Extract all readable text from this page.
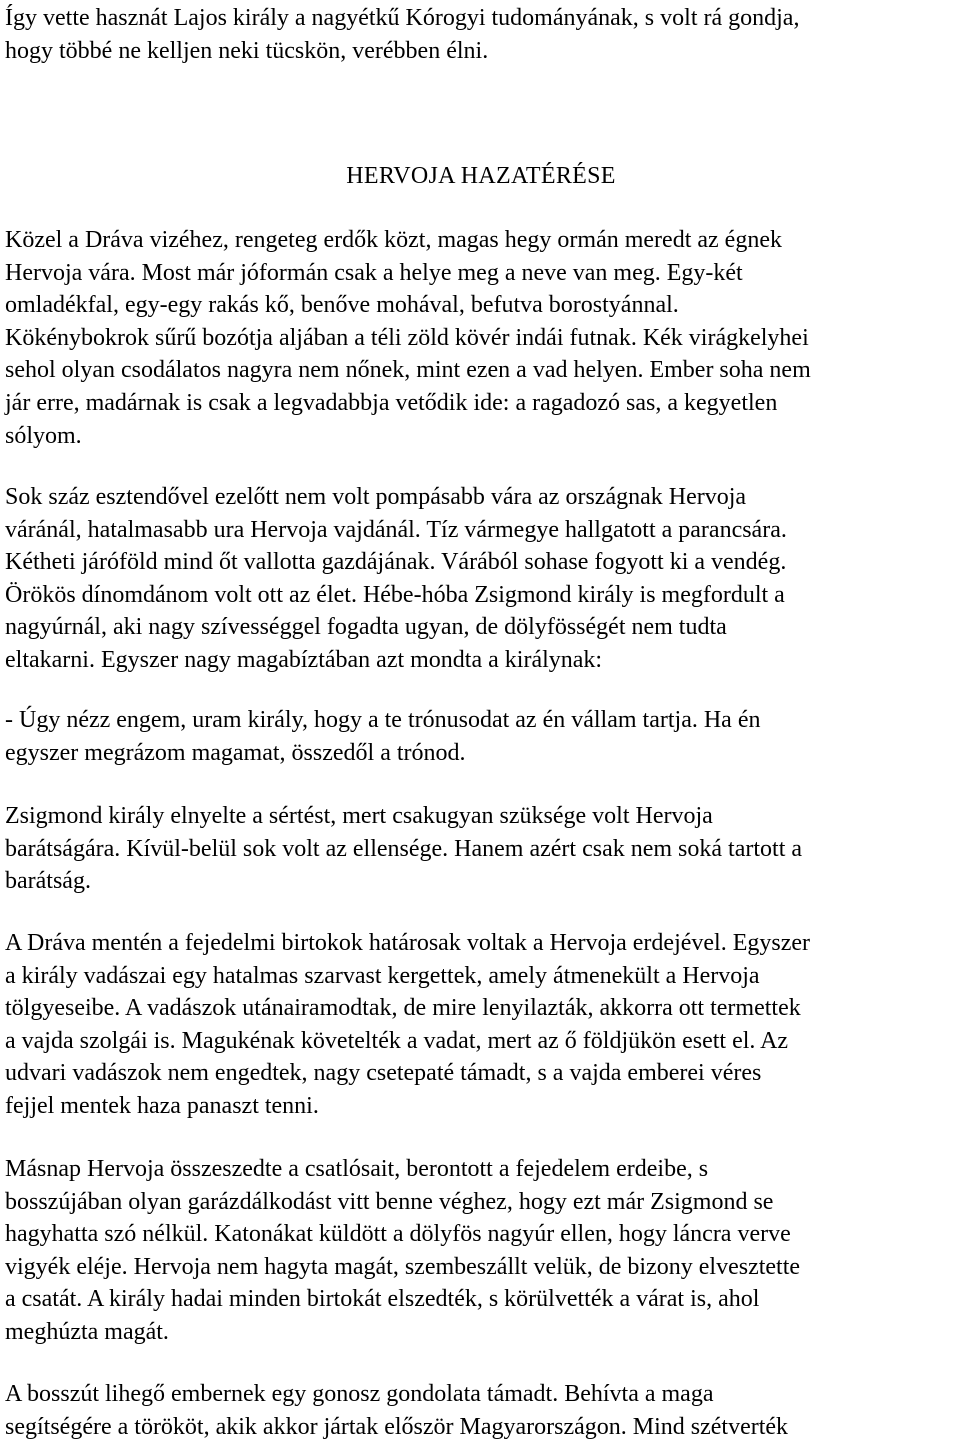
Így vette hasznát Lajos király a nagyétkű Kórogyi tudományának, s volt rá gondja,
hogy többé ne kelljen neki tücskön, verébben élni.

HERVOJA HAZATÉRÉSE

Közel a Dráva vizéhez, rengeteg erdők közt, magas hegy ormán meredt az égnek
Hervoja vára. Most már jóformán csak a helye meg a neve van meg. Egy-két
omladékfal, egy-egy rakás kő, benőve mohával, befutva borostyánnal.
Kökénybokrok sűrű bozótja aljában a téli zöld kövér indái futnak. Kék virágkelyhei
sehol olyan csodálatos nagyra nem nőnek, mint ezen a vad helyen. Ember soha nem
jár erre, madárnak is csak a legvadabbja vetődik ide: a ragadozó sas, a kegyetlen
sólyom.

Sok száz esztendővel ezelőtt nem volt pompásabb vára az országnak Hervoja
váránál, hatalmasabb ura Hervoja vajdánál. Tíz vármegye hallgatott a parancsára.
Kétheti járóföld mind őt vallotta gazdájának. Várából sohase fogyott ki a vendég.
Örökös dínomdánom volt ott az élet. Hébe-hóba Zsigmond király is megfordult a
nagyúrnál, aki nagy szívességgel fogadta ugyan, de dölyfösségét nem tudta
eltakarni. Egyszer nagy magabíztában azt mondta a királynak:

- Úgy nézz engem, uram király, hogy a te trónusodat az én vállam tartja. Ha én
egyszer megrázom magamat, összedől a trónod.

Zsigmond király elnyelte a sértést, mert csakugyan szüksége volt Hervoja
barátságára. Kívül-belül sok volt az ellensége. Hanem azért csak nem soká tartott a
barátság.

A Dráva mentén a fejedelmi birtokok határosak voltak a Hervoja erdejével. Egyszer
a király vadászai egy hatalmas szarvast kergettek, amely átmenekült a Hervoja
tölgyeseibe. A vadászok utánairamodtak, de mire lenyilazták, akkorra ott termettek
a vajda szolgái is. Magukénak követelték a vadat, mert az ő földjükön esett el. Az
udvari vadászok nem engedtek, nagy csetepaté támadt, s a vajda emberei véres
fejjel mentek haza panaszt tenni.

Másnap Hervoja összeszedte a csatlósait, berontott a fejedelem erdeibe, s
bosszújában olyan garázdálkodást vitt benne véghez, hogy ezt már Zsigmond se
hagyhatta szó nélkül. Katonákat küldött a dölyfös nagyúr ellen, hogy láncra verve
vigyék eléje. Hervoja nem hagyta magát, szembeszállt velük, de bizony elvesztette
a csatát. A király hadai minden birtokát elszedték, s körülvették a várat is, ahol
meghúzta magát.

A bosszút lihegő embernek egy gonosz gondolata támadt. Behívta a maga
segítségére a törököt, akik akkor jártak először Magyarországon. Mind szétverték
